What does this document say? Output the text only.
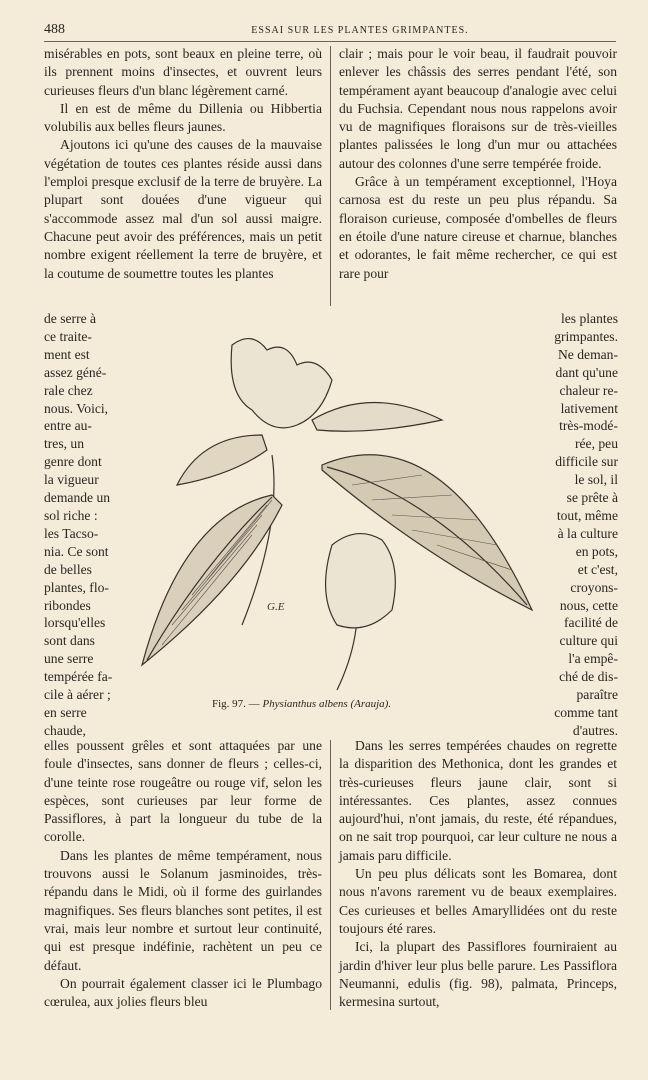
488	ESSAI SUR LES PLANTES GRIMPANTES.

misérables en pots, sont beaux en pleine terre, où ils prennent moins d'insectes, et ouvrent leurs curieuses fleurs d'un blanc légèrement carné.

Il en est de même du Dillenia ou Hibbertia volubilis aux belles fleurs jaunes.

Ajoutons ici qu'une des causes de la mauvaise végétation de toutes ces plantes réside aussi dans l'emploi presque exclusif de la terre de bruyère. La plupart sont douées d'une vigueur qui s'accommode assez mal d'un sol aussi maigre. Chacune peut avoir des préférences, mais un petit nombre exigent réellement la terre de bruyère, et la coutume de soumettre toutes les plantes

clair ; mais pour le voir beau, il faudrait pouvoir enlever les châssis des serres pendant l'été, son tempérament ayant beaucoup d'analogie avec celui du Fuchsia. Cependant nous nous rappelons avoir vu de magnifiques floraisons sur de très-vieilles plantes palissées le long d'un mur ou attachées autour des colonnes d'une serre tempérée froide.

Grâce à un tempérament exceptionnel, l'Hoya carnosa est du reste un peu plus répandu. Sa floraison curieuse, composée d'ombelles de fleurs en étoile d'une nature cireuse et charnue, blanches et odorantes, le fait même rechercher, ce qui est rare pour

de serre à
ce traite-
ment est
assez géné-
rale chez
nous. Voici,
entre au-
tres, un
genre dont
la vigueur
demande un
sol riche :
les Tacso-
nia. Ce sont
de belles
plantes, flo-
ribondes
lorsqu'elles
sont dans
une serre
tempérée fa-
cile à aérer ;
en serre
chaude,
les plantes
grimpantes.
Ne deman-
dant qu'une
chaleur re-
lativement
très-modé-
rée, peu
difficile sur
le sol, il
se prête à
tout, même
à la culture
en pots,
et c'est,
croyons-
nous, cette
facilité de
culture qui
l'a empê-
ché de dis-
paraître
comme tant
d'autres.
G.E
Fig. 97. — Physianthus albens (Arauja).

elles poussent grêles et sont attaquées par une foule d'insectes, sans donner de fleurs ; celles-ci, d'une teinte rose rougeâtre ou rouge vif, selon les espèces, sont curieuses par leur forme de Passiflores, à part la longueur du tube de la corolle.

Dans les plantes de même tempérament, nous trouvons aussi le Solanum jasminoides, très-répandu dans le Midi, où il forme des guirlandes magnifiques. Ses fleurs blanches sont petites, il est vrai, mais leur nombre et surtout leur continuité, qui est presque indéfinie, rachètent un peu ce défaut.

On pourrait également classer ici le Plumbago cœrulea, aux jolies fleurs bleu

Dans les serres tempérées chaudes on regrette la disparition des Methonica, dont les grandes et très-curieuses fleurs jaune clair, sont si intéressantes. Ces plantes, assez connues aujourd'hui, n'ont jamais, du reste, été répandues, on ne sait trop pourquoi, car leur culture ne nous a jamais paru difficile.

Un peu plus délicats sont les Bomarea, dont nous n'avons rarement vu de beaux exemplaires. Ces curieuses et belles Amaryllidées ont du reste toujours été rares.

Ici, la plupart des Passiflores fourniraient au jardin d'hiver leur plus belle parure. Les Passiflora Neumanni, edulis (fig. 98), palmata, Princeps, kermesina surtout,
